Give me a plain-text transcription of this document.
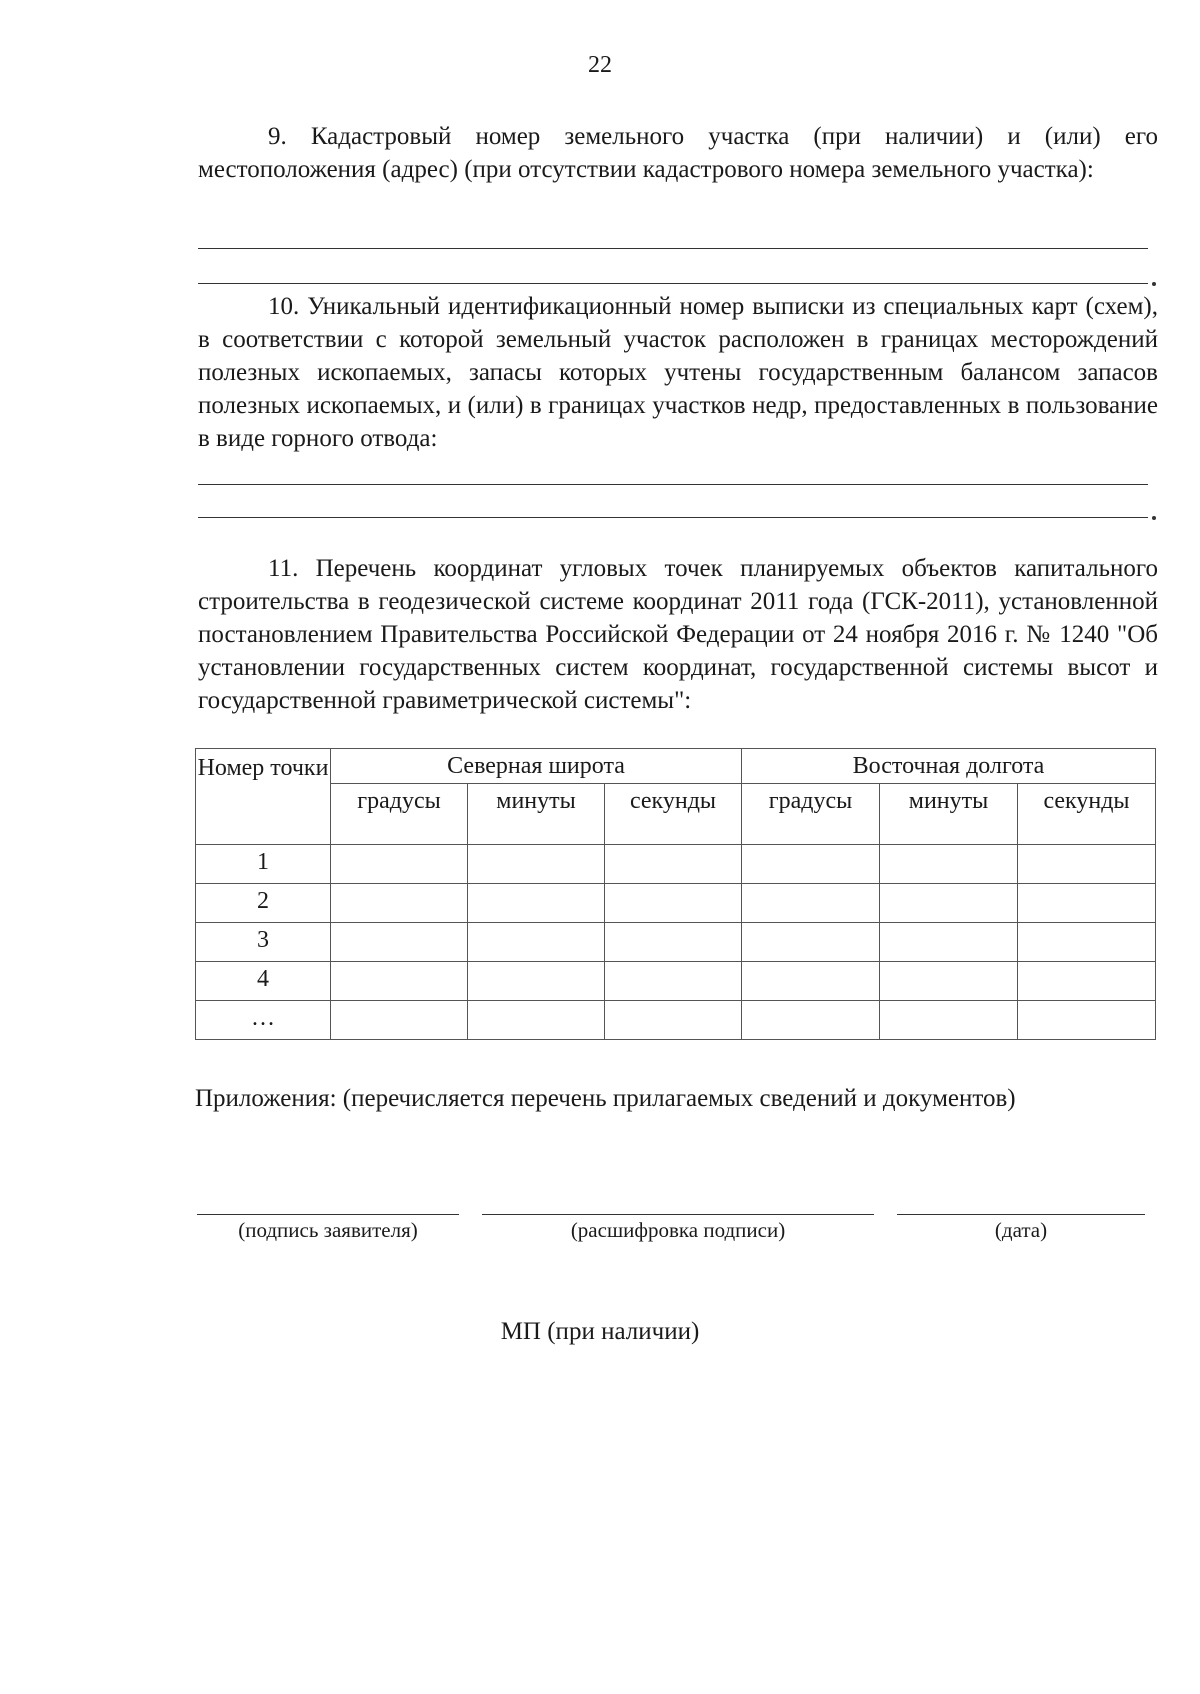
22
9. Кадастровый номер земельного участка (при наличии) и (или) его местоположения (адрес) (при отсутствии кадастрового номера земельного участка):
10. Уникальный идентификационный номер выписки из специальных карт (схем), в соответствии с которой земельный участок расположен в границах месторождений полезных ископаемых, запасы которых учтены государственным балансом запасов полезных ископаемых, и (или) в границах участков недр, предоставленных в пользование в виде горного отвода:
11. Перечень координат угловых точек планируемых объектов капитального строительства в геодезической системе координат 2011 года (ГСК-2011), установленной постановлением Правительства Российской Федерации от 24 ноября 2016 г. № 1240 "Об установлении государственных систем координат, государственной системы высот и государственной гравиметрической системы":
Номер точки	Северная широта			Восточная долгота		
	градусы	минуты	секунды	градусы	минуты	секунды
1						
2						
3						
4						
…						
Приложения: (перечисляется перечень прилагаемых сведений и документов)
(подпись заявителя)	(расшифровка подписи)	(дата)
МП (при наличии)
